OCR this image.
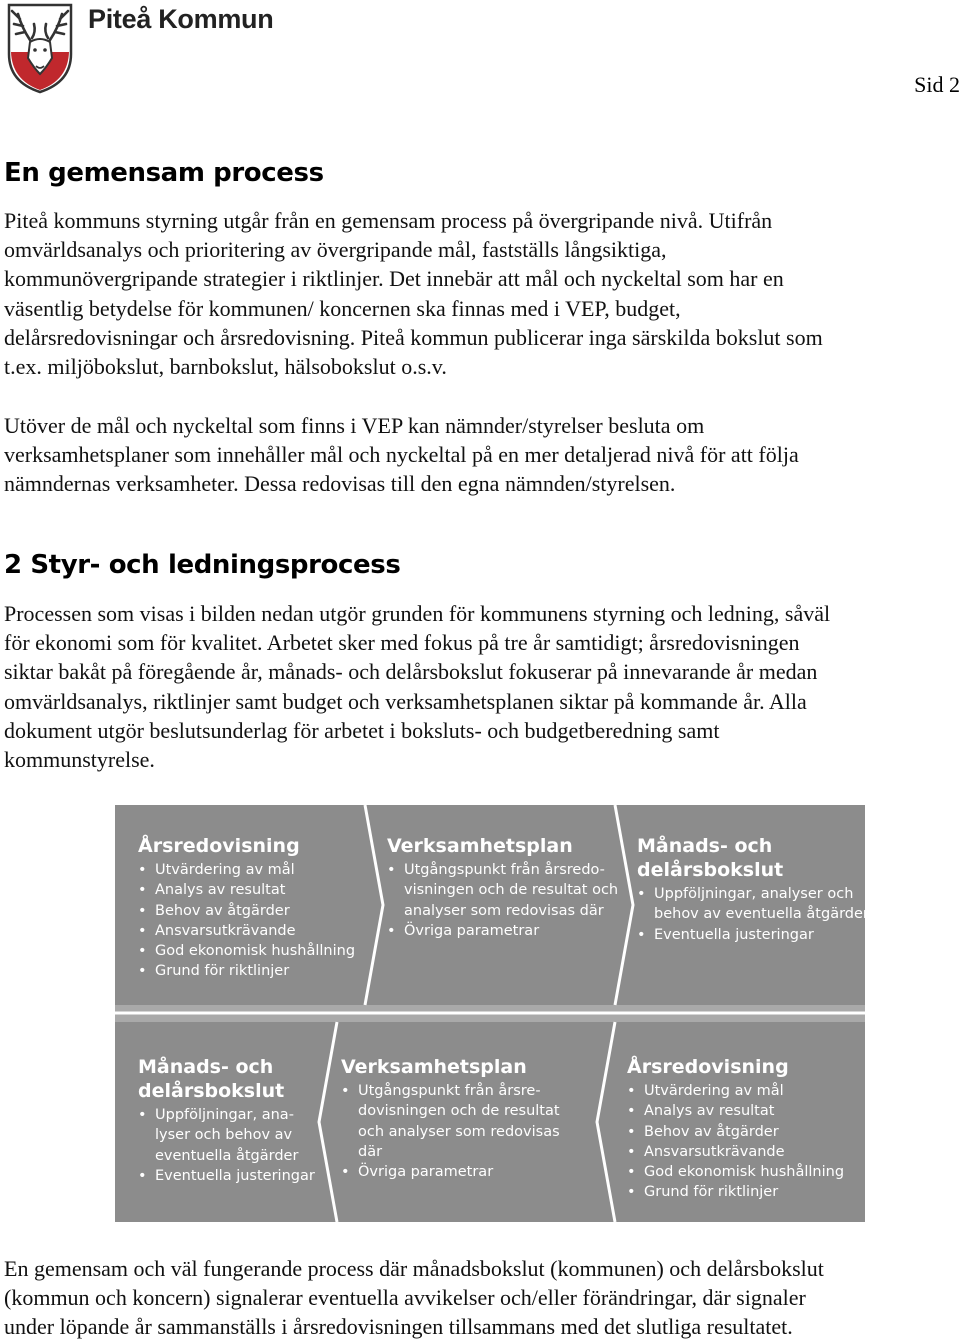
Piteå Kommun
Sid 2
En gemensam process
Piteå kommuns styrning utgår från en gemensam process på övergripande nivå. Utifrån
omvärldsanalys och prioritering av övergripande mål, fastställs långsiktiga,
kommunövergripande strategier i riktlinjer. Det innebär att mål och nyckeltal som har en
väsentlig betydelse för kommunen/ koncernen ska finnas med i VEP, budget,
delårsredovisningar och årsredovisning. Piteå kommun publicerar inga särskilda bokslut som
t.ex. miljöbokslut, barnbokslut, hälsobokslut o.s.v.
Utöver de mål och nyckeltal som finns i VEP kan nämnder/styrelser besluta om
verksamhetsplaner som innehåller mål och nyckeltal på en mer detaljerad nivå för att följa
nämndernas verksamheter. Dessa redovisas till den egna nämnden/styrelsen.
2 Styr- och ledningsprocess
Processen som visas i bilden nedan utgör grunden för kommunens styrning och ledning, såväl
för ekonomi som för kvalitet. Arbetet sker med fokus på tre år samtidigt; årsredovisningen
siktar bakåt på föregående år, månads- och delårsbokslut fokuserar på innevarande år medan
omvärldsanalys, riktlinjer samt budget och verksamhetsplanen siktar på kommande år. Alla
dokument utgör beslutsunderlag för arbetet i boksluts- och budgetberedning samt
kommunstyrelse.
Årsredovisning
• Utvärdering av mål
• Analys av resultat
• Behov av åtgärder
• Ansvarsutkrävande
• God ekonomisk hushållning
• Grund för riktlinjer
Verksamhetsplan
• Utgångspunkt från årsredo-
visningen och de resultat och
analyser som redovisas där
• Övriga parametrar
Månads- och
delårsbokslut
• Uppföljningar, analyser och
behov av eventuella åtgärder
• Eventuella justeringar
Månads- och
delårsbokslut
• Uppföljningar, ana-
lyser och behov av
eventuella åtgärder
• Eventuella justeringar
Verksamhetsplan
• Utgångspunkt från årsre-
dovisningen och de resultat
och analyser som redovisas
där
• Övriga parametrar
Årsredovisning
• Utvärdering av mål
• Analys av resultat
• Behov av åtgärder
• Ansvarsutkrävande
• God ekonomisk hushållning
• Grund för riktlinjer
En gemensam och väl fungerande process där månadsbokslut (kommunen) och delårsbokslut
(kommun och koncern) signalerar eventuella avvikelser och/eller förändringar, där signaler
under löpande år sammanställs i årsredovisningen tillsammans med det slutliga resultatet.
